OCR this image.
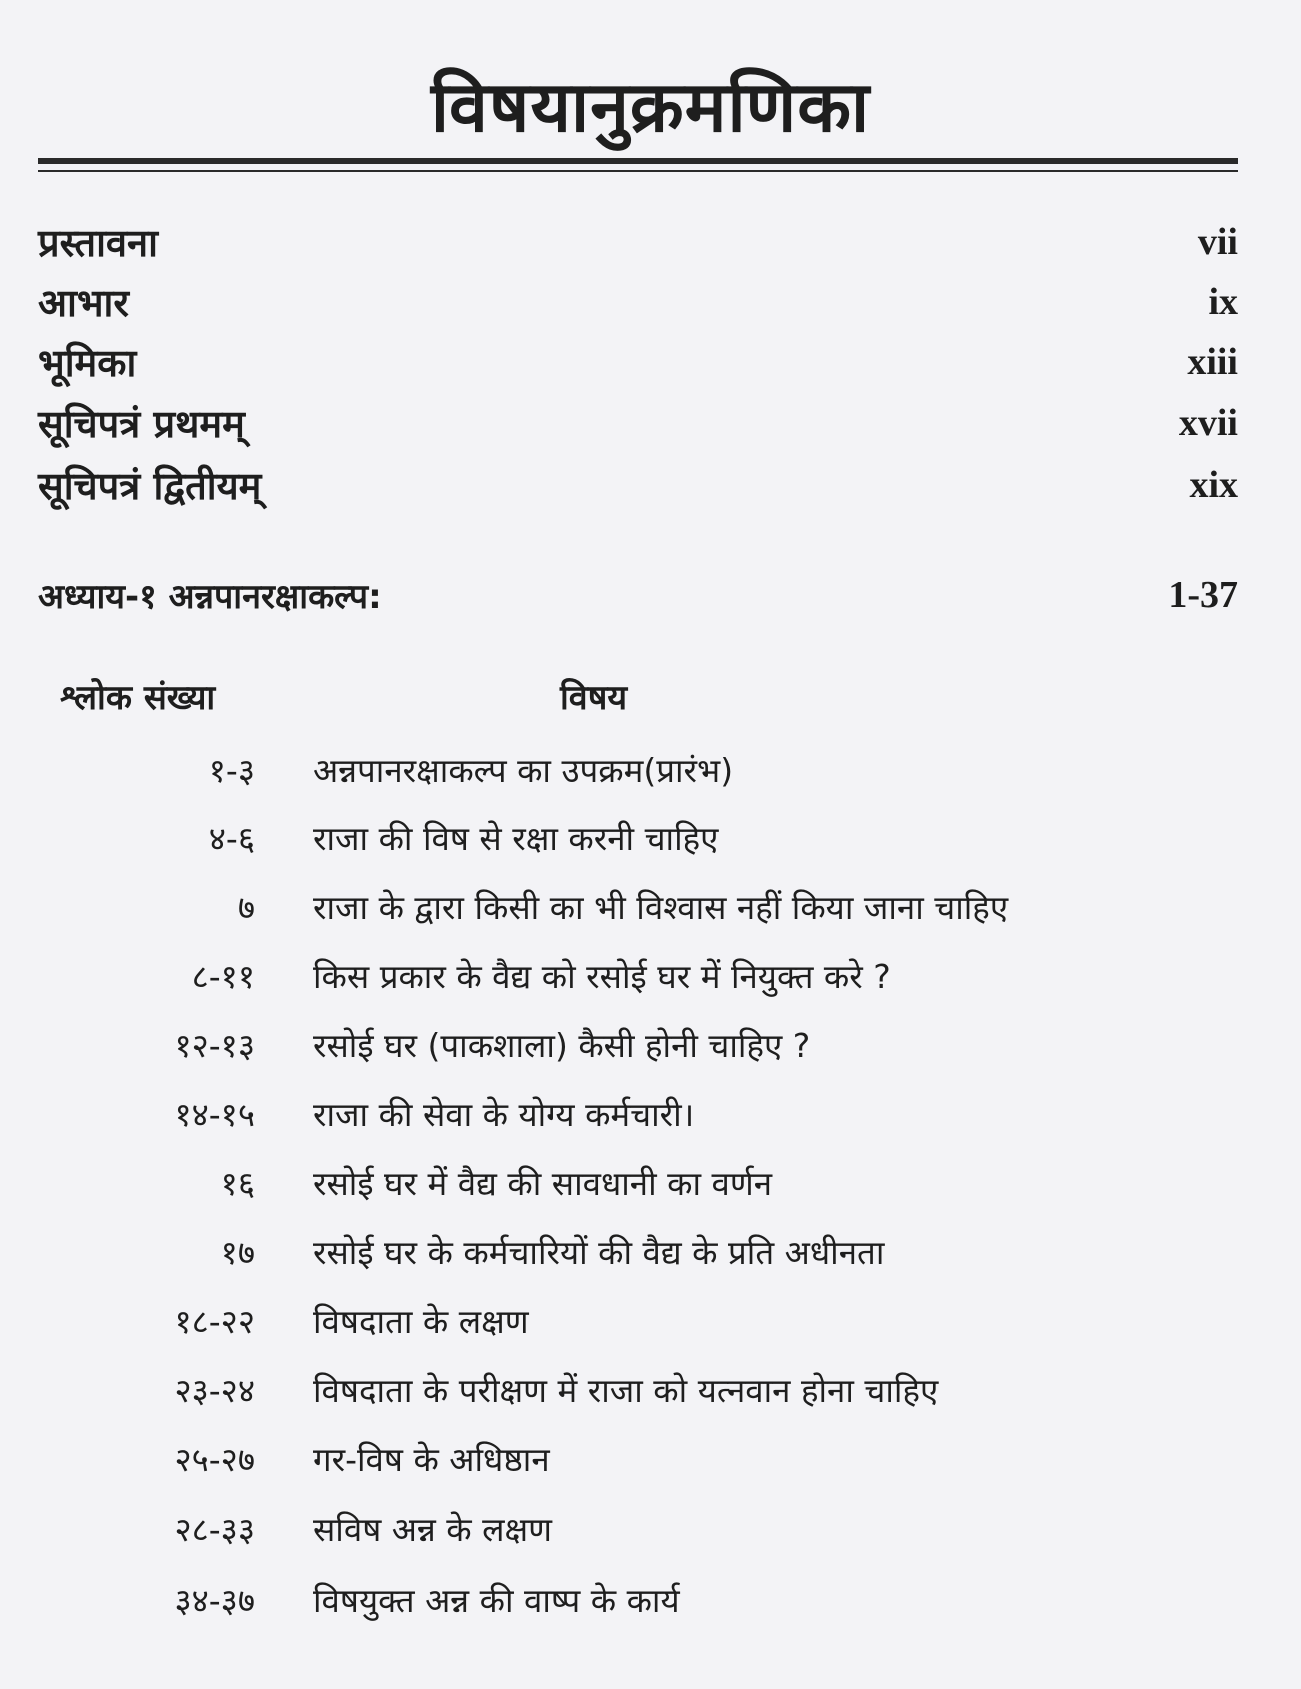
विषयानुक्रमणिका
प्रस्तावना	vii
आभार	ix
भूमिका	xiii
सूचिपत्रं प्रथमम्	xvii
सूचिपत्रं द्वितीयम्	xix
अध्याय-१ अन्नपानरक्षाकल्प:	1-37
श्लोक संख्या	विषय
१-३ अन्नपानरक्षाकल्प का उपक्रम(प्रारंभ)
४-६ राजा की विष से रक्षा करनी चाहिए
७ राजा के द्वारा किसी का भी विश्वास नहीं किया जाना चाहिए
८-११ किस प्रकार के वैद्य को रसोई घर में नियुक्त करे ?
१२-१३ रसोई घर (पाकशाला) कैसी होनी चाहिए ?
१४-१५ राजा की सेवा के योग्य कर्मचारी।
१६ रसोई घर में वैद्य की सावधानी का वर्णन
१७ रसोई घर के कर्मचारियों की वैद्य के प्रति अधीनता
१८-२२ विषदाता के लक्षण
२३-२४ विषदाता के परीक्षण में राजा को यत्नवान होना चाहिए
२५-२७ गर-विष के अधिष्ठान
२८-३३ सविष अन्न के लक्षण
३४-३७ विषयुक्त अन्न की वाष्प के कार्य
